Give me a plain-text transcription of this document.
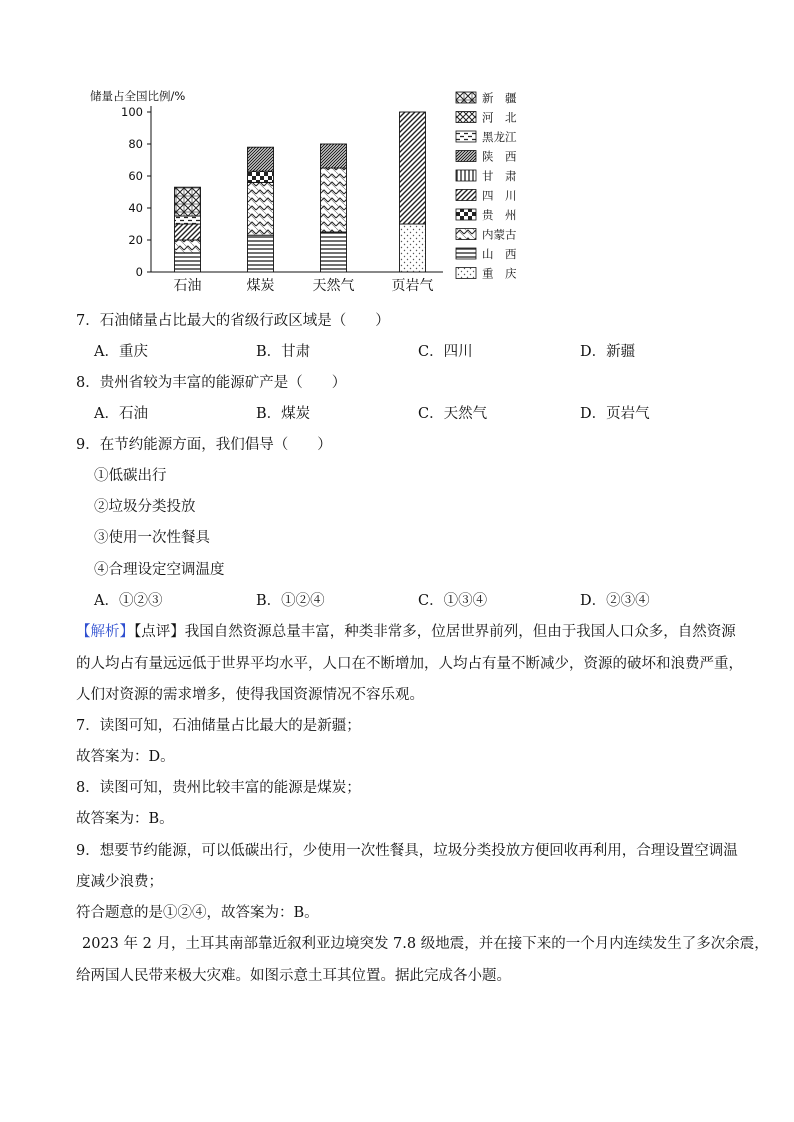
储量占全国比例/%
0
20
40
60
80
100
石油	煤炭	天然气	页岩气
新　疆
河　北
黑龙江
陕　西
甘　肃
四　川
贵　州
内蒙古
山　西
重　庆
7．石油储量占比最大的省级行政区域是（　　）
A．重庆	B．甘肃	C．四川	D．新疆
8．贵州省较为丰富的能源矿产是（　　）
A．石油	B．煤炭	C．天然气	D．页岩气
9．在节约能源方面，我们倡导（　　）
①低碳出行
②垃圾分类投放
③使用一次性餐具
④合理设定空调温度
A．①②③	B．①②④	C．①③④	D．②③④
【解析】【点评】我国自然资源总量丰富，种类非常多，位居世界前列，但由于我国人口众多，自然资源
的人均占有量远远低于世界平均水平，人口在不断增加，人均占有量不断减少，资源的破坏和浪费严重，
人们对资源的需求增多，使得我国资源情况不容乐观。
7．读图可知，石油储量占比最大的是新疆；
故答案为：D。
8．读图可知，贵州比较丰富的能源是煤炭；
故答案为：B。
9．想要节约能源，可以低碳出行，少使用一次性餐具，垃圾分类投放方便回收再利用，合理设置空调温
度减少浪费；
符合题意的是①②④，故答案为：B。
2023 年 2 月，土耳其南部靠近叙利亚边境突发 7.8 级地震，并在接下来的一个月内连续发生了多次余震，
给两国人民带来极大灾难。如图示意土耳其位置。据此完成各小题。
